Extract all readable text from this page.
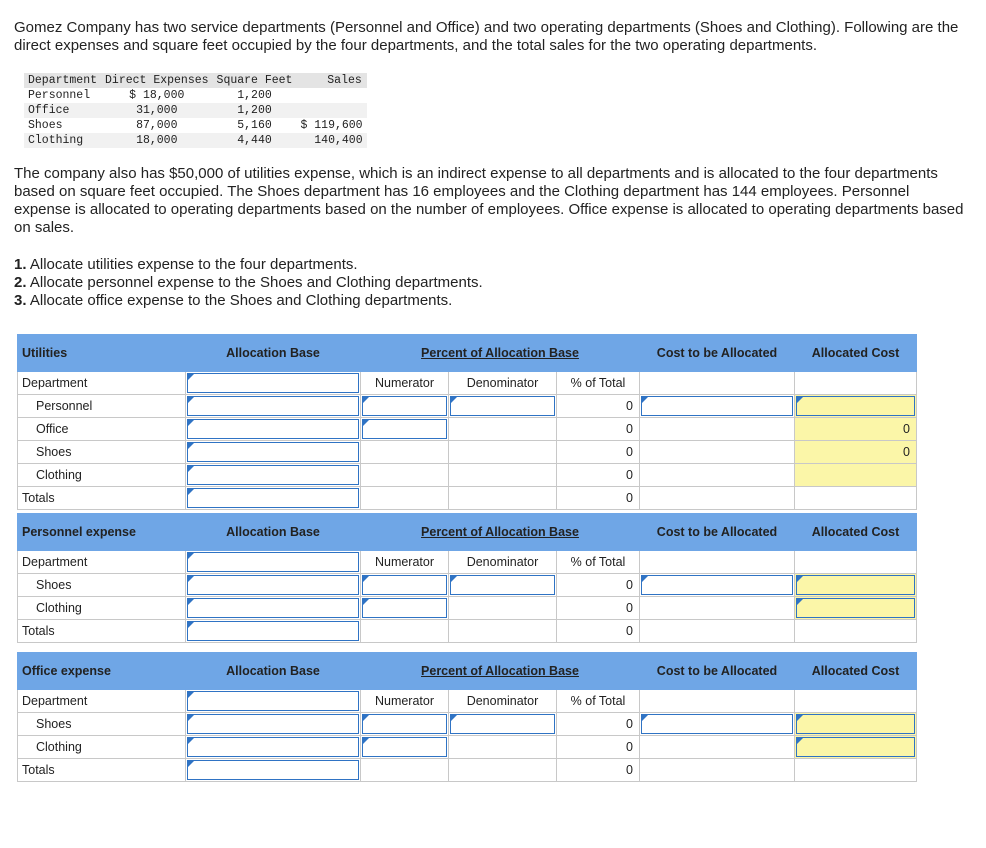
Gomez Company has two service departments (Personnel and Office) and two operating departments (Shoes and Clothing). Following are the direct expenses and square feet occupied by the four departments, and the total sales for the two operating departments.

Department	Direct Expenses	Square Feet	Sales
Personnel	$ 18,000	1,200	
Office	31,000	1,200	
Shoes	87,000	5,160	$ 119,600
Clothing	18,000	4,440	140,400

The company also has $50,000 of utilities expense, which is an indirect expense to all departments and is allocated to the four departments based on square feet occupied. The Shoes department has 16 employees and the Clothing department has 144 employees. Personnel expense is allocated to operating departments based on the number of employees. Office expense is allocated to operating departments based on sales.

1. Allocate utilities expense to the four departments.
2. Allocate personnel expense to the Shoes and Clothing departments.
3. Allocate office expense to the Shoes and Clothing departments.
Utilities	Allocation Base	Percent of Allocation Base			Cost to be Allocated	Allocated Cost
Department		Numerator	Denominator	% of Total		
Personnel				0	

Office				0		0
Shoes				0		0
Clothing				0		
Totals				0		
Personnel expense	Allocation Base	Percent of Allocation Base			Cost to be Allocated	Allocated Cost
Department		Numerator	Denominator	% of Total		
Shoes				0	

Clothing				0		

Totals				0		
Office expense	Allocation Base	Percent of Allocation Base			Cost to be Allocated	Allocated Cost
Department		Numerator	Denominator	% of Total		
Shoes				0	

Clothing				0		

Totals				0		
